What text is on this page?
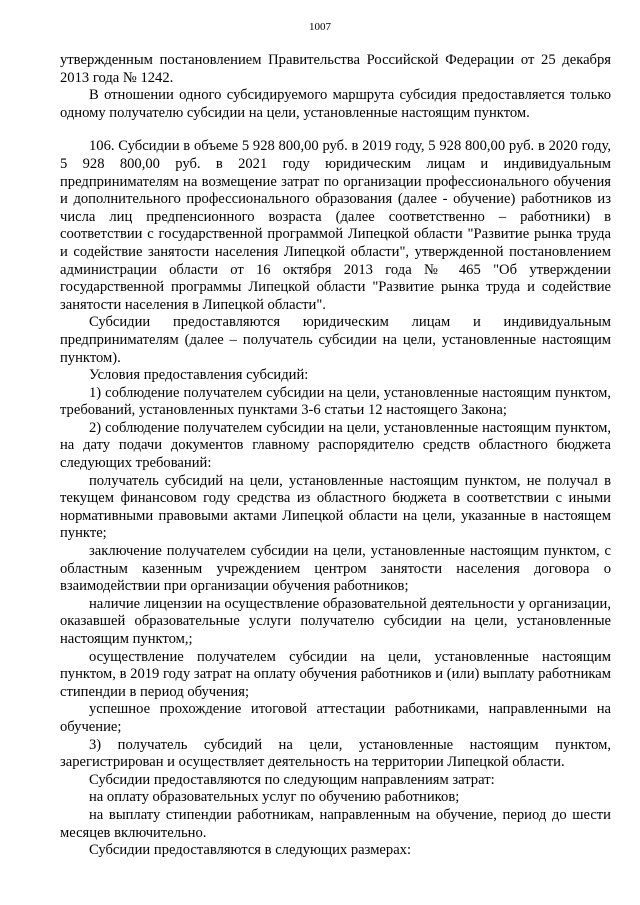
1007

утвержденным постановлением Правительства Российской Федерации от 25 декабря 2013 года № 1242.

В отношении одного субсидируемого маршрута субсидия предоставляется только одному получателю субсидии на цели, установленные настоящим пунктом.

106. Субсидии в объеме 5 928 800,00 руб. в 2019 году, 5 928 800,00 руб. в 2020 году, 5 928 800,00 руб. в 2021 году юридическим лицам и индивидуальным предпринимателям на возмещение затрат по организации профессионального обучения и дополнительного профессионального образования (далее - обучение) работников из числа лиц предпенсионного возраста (далее соответственно – работники) в соответствии с государственной программой Липецкой области "Развитие рынка труда и содействие занятости населения Липецкой области", утвержденной постановлением администрации области от 16 октября 2013 года № 465 "Об утверждении государственной программы Липецкой области "Развитие рынка труда и содействие занятости населения в Липецкой области".

Субсидии предоставляются юридическим лицам и индивидуальным предпринимателям (далее – получатель субсидии на цели, установленные настоящим пунктом).

Условия предоставления субсидий:

1) соблюдение получателем субсидии на цели, установленные настоящим пунктом, требований, установленных пунктами 3-6 статьи 12 настоящего Закона;

2) соблюдение получателем субсидии на цели, установленные настоящим пунктом, на дату подачи документов главному распорядителю средств областного бюджета следующих требований:

получатель субсидий на цели, установленные настоящим пунктом, не получал в текущем финансовом году средства из областного бюджета в соответствии с иными нормативными правовыми актами Липецкой области на цели, указанные в настоящем пункте;

заключение получателем субсидии на цели, установленные настоящим пунктом, с областным казенным учреждением центром занятости населения договора о взаимодействии при организации обучения работников;

наличие лицензии на осуществление образовательной деятельности у организации, оказавшей образовательные услуги получателю субсидии на цели, установленные настоящим пунктом,;

осуществление получателем субсидии на цели, установленные настоящим пунктом, в 2019 году затрат на оплату обучения работников и (или) выплату работникам стипендии в период обучения;

успешное прохождение итоговой аттестации работниками, направленными на обучение;

3) получатель субсидий на цели, установленные настоящим пунктом, зарегистрирован и осуществляет деятельность на территории Липецкой области.

Субсидии предоставляются по следующим направлениям затрат:

на оплату образовательных услуг по обучению работников;

на выплату стипендии работникам, направленным на обучение, период до шести месяцев включительно.

Субсидии предоставляются в следующих размерах:
